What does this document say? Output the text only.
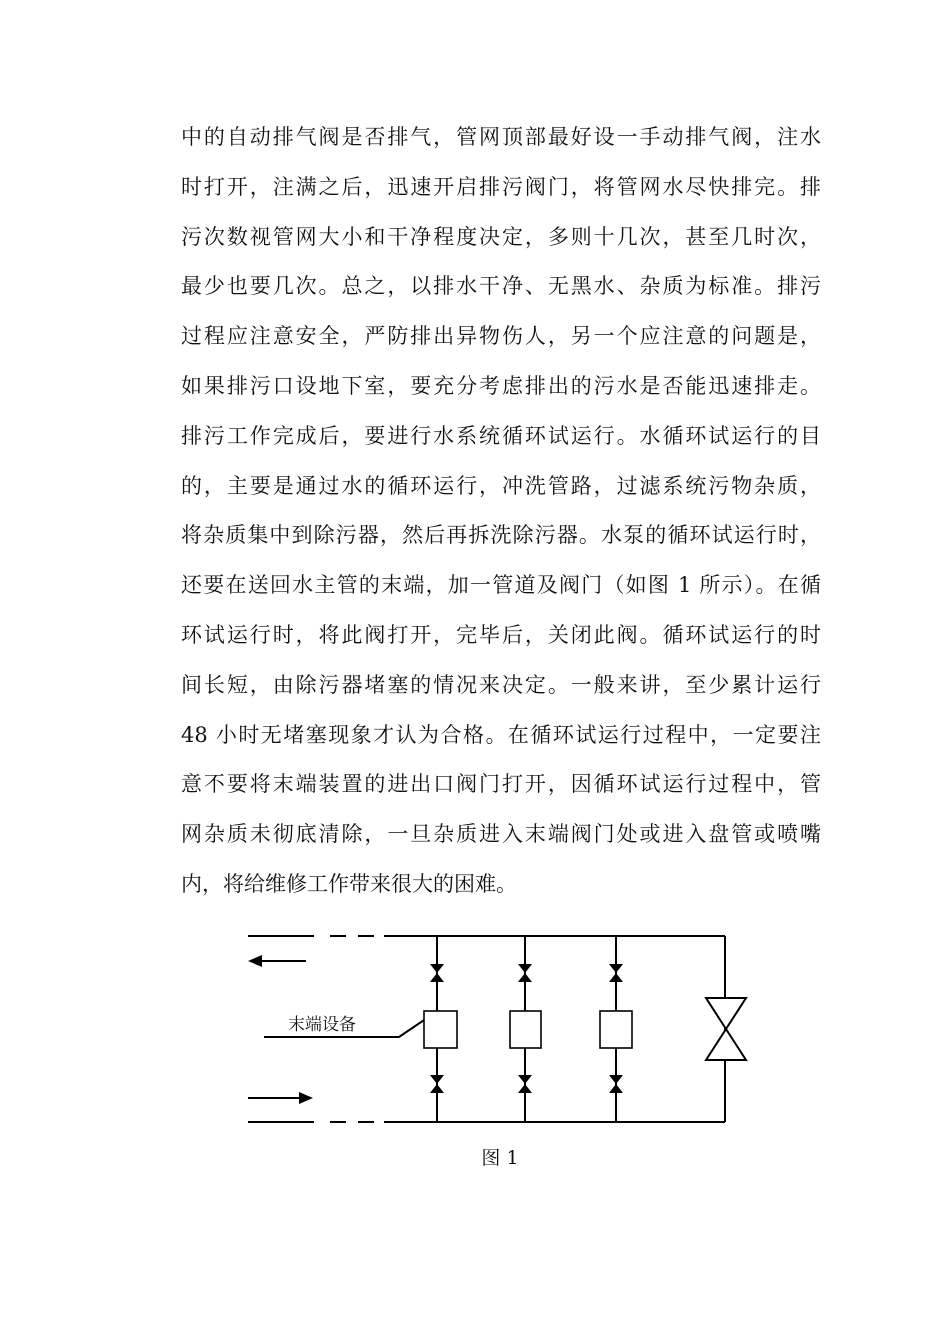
中的自动排气阀是否排气，管网顶部最好设一手动排气阀，注水
时打开，注满之后，迅速开启排污阀门，将管网水尽快排完。排
污次数视管网大小和干净程度决定，多则十几次，甚至几时次，
最少也要几次。总之，以排水干净、无黑水、杂质为标准。排污
过程应注意安全，严防排出异物伤人，另一个应注意的问题是，
如果排污口设地下室，要充分考虑排出的污水是否能迅速排走。
排污工作完成后，要进行水系统循环试运行。水循环试运行的目
的，主要是通过水的循环运行，冲洗管路，过滤系统污物杂质，
将杂质集中到除污器，然后再拆洗除污器。水泵的循环试运行时，
还要在送回水主管的末端，加一管道及阀门（如图 1 所示）。在循
环试运行时，将此阀打开，完毕后，关闭此阀。循环试运行的时
间长短，由除污器堵塞的情况来决定。一般来讲，至少累计运行
48 小时无堵塞现象才认为合格。在循环试运行过程中，一定要注
意不要将末端装置的进出口阀门打开，因循环试运行过程中，管
网杂质未彻底清除，一旦杂质进入末端阀门处或进入盘管或喷嘴
内，将给维修工作带来很大的困难。
末端设备
图 1
